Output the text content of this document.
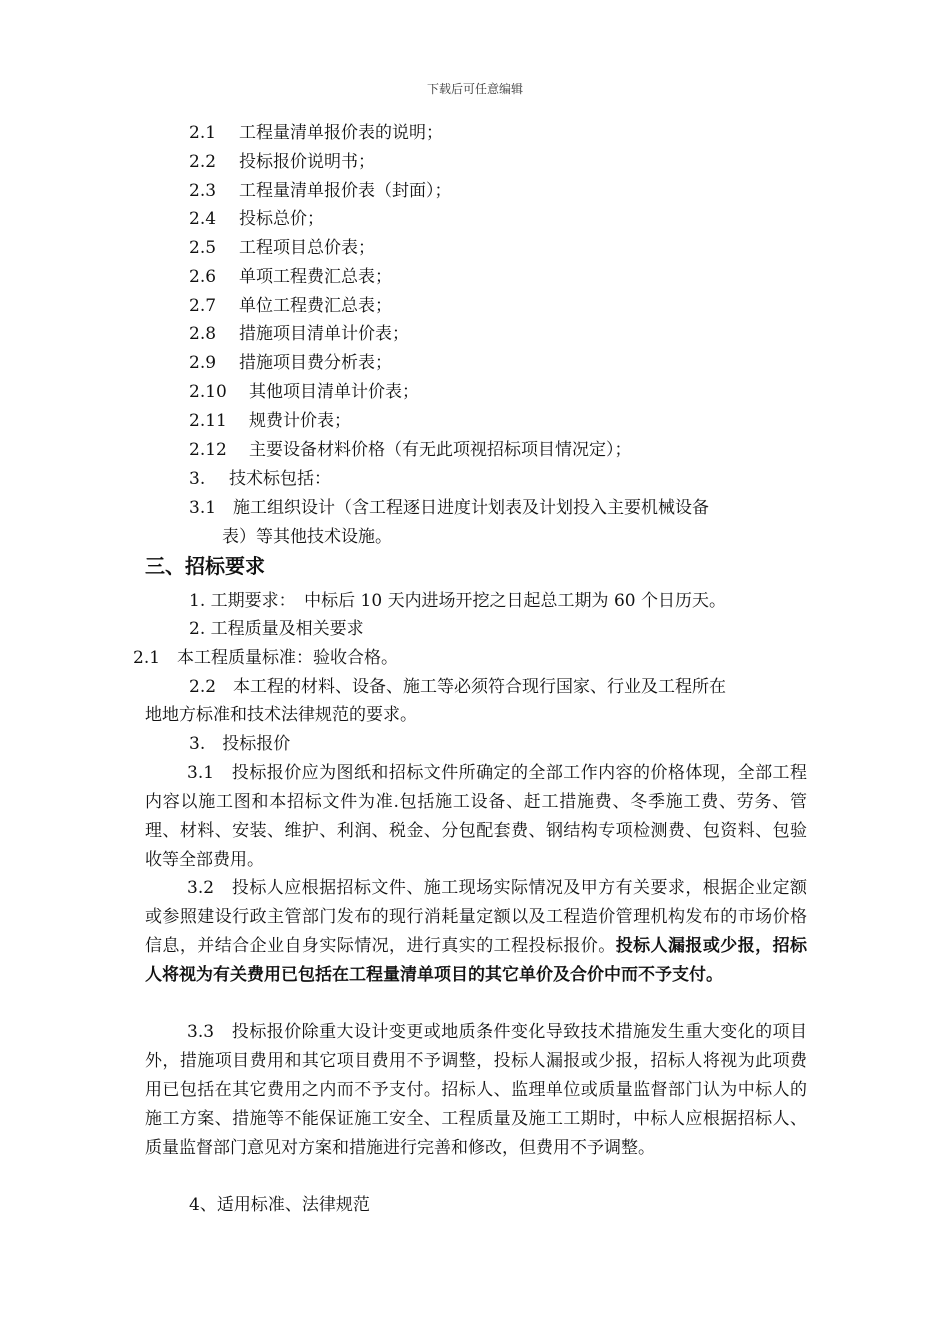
下载后可任意编辑
2.1 工程量清单报价表的说明；
2.2 投标报价说明书；
2.3 工程量清单报价表（封面）；
2.4 投标总价；
2.5 工程项目总价表；
2.6 单项工程费汇总表；
2.7 单位工程费汇总表；
2.8 措施项目清单计价表；
2.9 措施项目费分析表；
2.10 其他项目清单计价表；
2.11 规费计价表；
2.12 主要设备材料价格（有无此项视招标项目情况定）；
3. 技术标包括：
3.1　施工组织设计（含工程逐日进度计划表及计划投入主要机械设备
表）等其他技术设施。
三、招标要求
1. 工期要求：　中标后 10 天内进场开挖之日起总工期为 60 个日历天。
2. 工程质量及相关要求
2.1　本工程质量标准：验收合格。
2.2　本工程的材料、设备、施工等必须符合现行国家、行业及工程所在
地地方标准和技术法律规范的要求。
3.　投标报价
3.1　投标报价应为图纸和招标文件所确定的全部工作内容的价格体现，全部工程内容以施工图和本招标文件为准.包括施工设备、赶工措施费、冬季施工费、劳务、管理、材料、安装、维护、利润、税金、分包配套费、钢结构专项检测费、包资料、包验收等全部费用。
3.2　投标人应根据招标文件、施工现场实际情况及甲方有关要求，根据企业定额或参照建设行政主管部门发布的现行消耗量定额以及工程造价管理机构发布的市场价格信息，并结合企业自身实际情况，进行真实的工程投标报价。投标人漏报或少报，招标人将视为有关费用已包括在工程量清单项目的其它单价及合价中而不予支付。
3.3　投标报价除重大设计变更或地质条件变化导致技术措施发生重大变化的项目外，措施项目费用和其它项目费用不予调整，投标人漏报或少报，招标人将视为此项费用已包括在其它费用之内而不予支付。招标人、监理单位或质量监督部门认为中标人的施工方案、措施等不能保证施工安全、工程质量及施工工期时，中标人应根据招标人、质量监督部门意见对方案和措施进行完善和修改，但费用不予调整。
4、适用标准、法律规范
